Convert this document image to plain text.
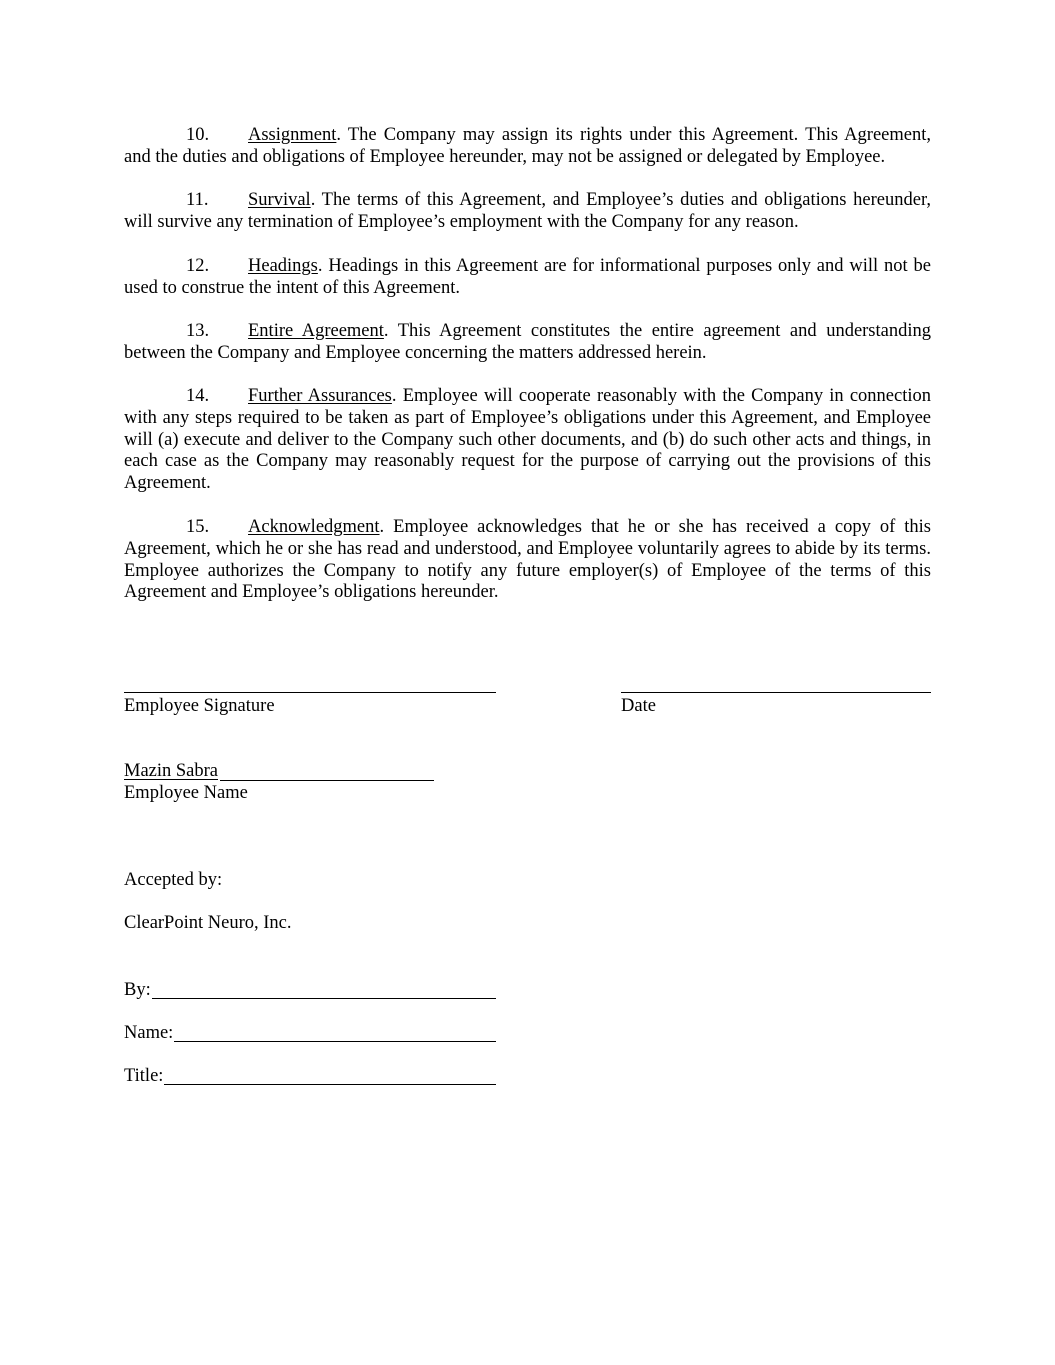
10. Assignment. The Company may assign its rights under this Agreement. This Agreement, and the duties and obligations of Employee hereunder, may not be assigned or delegated by Employee.

11. Survival. The terms of this Agreement, and Employee’s duties and obligations hereunder, will survive any termination of Employee’s employment with the Company for any reason.

12. Headings. Headings in this Agreement are for informational purposes only and will not be used to construe the intent of this Agreement.

13. Entire Agreement. This Agreement constitutes the entire agreement and understanding between the Company and Employee concerning the matters addressed herein.

14. Further Assurances. Employee will cooperate reasonably with the Company in connection with any steps required to be taken as part of Employee’s obligations under this Agreement, and Employee will (a) execute and deliver to the Company such other documents, and (b) do such other acts and things, in each case as the Company may reasonably request for the purpose of carrying out the provisions of this Agreement.

15. Acknowledgment. Employee acknowledges that he or she has received a copy of this Agreement, which he or she has read and understood, and Employee voluntarily agrees to abide by its terms. Employee authorizes the Company to notify any future employer(s) of Employee of the terms of this Agreement and Employee’s obligations hereunder.

Employee Signature	Date
Mazin Sabra
Employee Name
Accepted by:
ClearPoint Neuro, Inc.
By:
Name:
Title:
